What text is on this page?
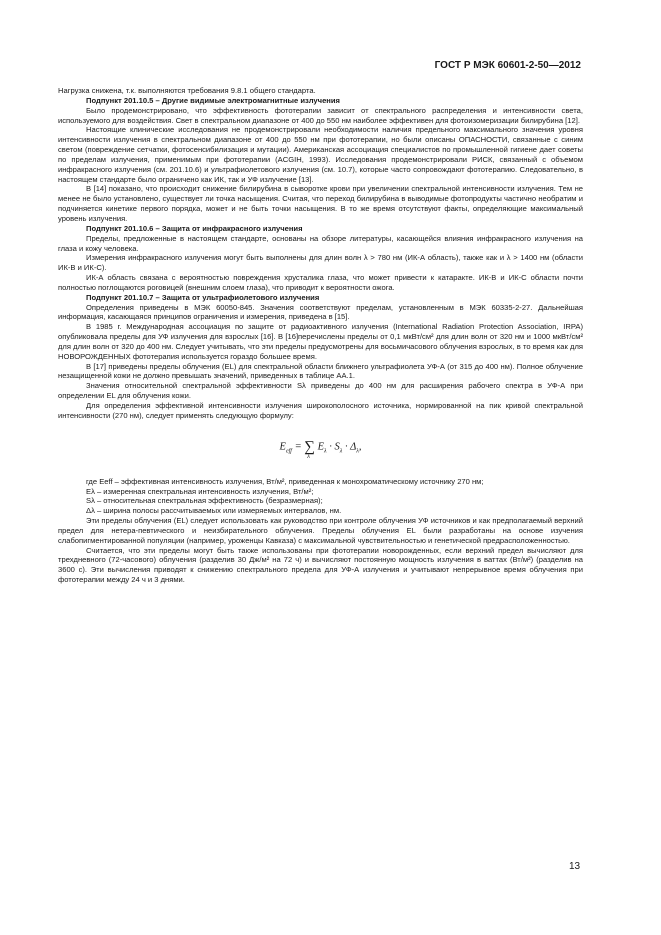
ГОСТ Р МЭК 60601-2-50—2012

Нагрузка снижена, т.к. выполняются требования 9.8.1 общего стандарта.

Подпункт 201.10.5 – Другие видимые электромагнитные излучения

Было продемонстрировано, что эффективность фототерапии зависит от спектрального распределения и интенсивности света, используемого для воздействия. Свет в спектральном диапазоне от 400 до 550 нм наиболее эффективен для фотоизомеризации билирубина [12].

Настоящие клинические исследования не продемонстрировали необходимости наличия предельного максимального значения уровня интенсивности излучения в спектральном диапазоне от 400 до 550 нм при фототерапии, но были описаны ОПАСНОСТИ, связанные с синим светом (повреждение сетчатки, фотосенсибилизация и мутации). Американская ассоциация специалистов по промышленной гигиене дает советы по пределам излучения, применимым при фототерапии (ACGIH, 1993). Исследования продемонстрировали РИСК, связанный с объемом инфракрасного излучения (см. 201.10.6) и ультрафиолетового излучения (см. 10.7), которые часто сопровождают фототерапию. Следовательно, в настоящем стандарте было ограничено как ИК, так и УФ излучение [13].

В [14] показано, что происходит снижение билирубина в сыворотке крови при увеличении спектральной интенсивности излучения. Тем не менее не было установлено, существует ли точка насыщения. Считая, что переход билирубина в выводимые фотопродукты частично необратим и подчиняется кинетике первого порядка, может и не быть точки насыщения. В то же время отсутствуют факты, определяющие максимальный уровень излучения.

Подпункт 201.10.6 – Защита от инфракрасного излучения

Пределы, предложенные в настоящем стандарте, основаны на обзоре литературы, касающейся влияния инфракрасного излучения на глаза и кожу человека.

Измерения инфракрасного излучения могут быть выполнены для длин волн λ > 780 нм (ИК-А область), также как и λ > 1400 нм (области ИК-В и ИК-С).

ИК-А область связана с вероятностью повреждения хрусталика глаза, что может привести к катаракте. ИК-В и ИК-С области почти полностью поглощаются роговицей (внешним слоем глаза), что приводит к вероятности ожога.

Подпункт 201.10.7 – Защита от ультрафиолетового излучения

Определения приведены в МЭК 60050-845. Значения соответствуют пределам, установленным в МЭК 60335-2-27. Дальнейшая информация, касающаяся принципов ограничения и измерения, приведена в [15].

В 1985 г. Международная ассоциация по защите от радиоактивного излучения (International Radiation Protection Association, IRPA) опубликовала пределы для УФ излучения для взрослых [16]. В [16]перечислены пределы от 0,1 мкВт/см² для длин волн от 320 нм и 1000 мкВт/см² для длин волн от 320 до 400 нм. Следует учитывать, что эти пределы предусмотрены для восьмичасового облучения взрослых, в то время как для НОВОРОЖДЕННЫХ фототерапия используется гораздо большее время.

В [17] приведены пределы облучения (EL) для спектральной области ближнего ультрафиолета УФ-А (от 315 до 400 нм). Полное облучение незащищенной кожи не должно превышать значений, приведенных в таблице АА.1.

Значения относительной спектральной эффективности Sλ приведены до 400 нм для расширения рабочего спектра в УФ-А при определении EL для облучения кожи.

Для определения эффективной интенсивности излучения широкополосного источника, нормированной на пик кривой спектральной интенсивности (270 нм), следует применять следующую формулу:

$E_{eff}$ = ∑
λ
$E_\lambda \cdot S_\lambda \cdot \Delta_\lambda$,

где Eeff – эффективная интенсивность излучения, Вт/м², приведенная к монохроматическому источнику 270 нм;

Eλ – измеренная спектральная интенсивность излучения, Вт/м²;

Sλ – относительная спектральная эффективность (безразмерная);

Δλ – ширина полосы рассчитываемых или измеряемых интервалов, нм.

Эти пределы облучения (EL) следует использовать как руководство при контроле облучения УФ источников и как предполагаемый верхний предел для нетера-певтического и неизбирательного облучения. Пределы облучения EL были разработаны на основе изучения слабопигментированной популяции (например, уроженцы Кавказа) с максимальной чувствительностью и генетической предрасположенностью.

Считается, что эти пределы могут быть также использованы при фототерапии новорожденных, если верхний предел вычисляют для трехдневного (72-часового) облучения (разделив 30 Дж/м² на 72 ч) и вычисляют постоянную мощность излучения в ваттах (Вт/м²) (разделив на 3600 с). Эти вычисления приводят к снижению спектрального предела для УФ-А излучения и учитывают непрерывное время облучения при фототерапии между 24 ч и 3 днями.

13
